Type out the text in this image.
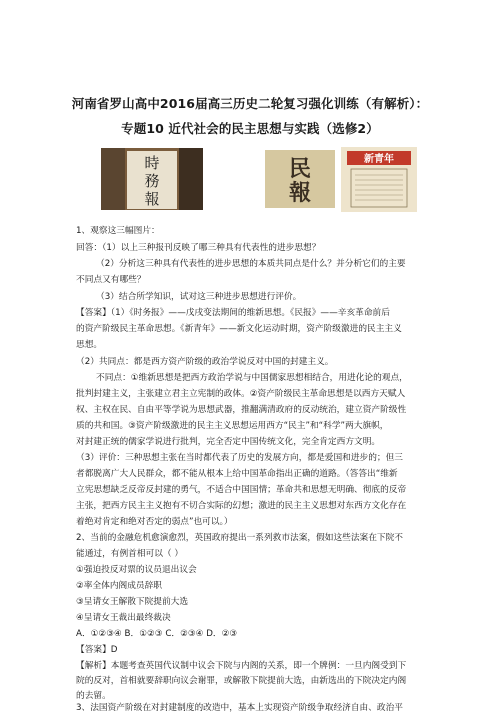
河南省罗山高中2016届高三历史二轮复习强化训练（有解析）：
专题10 近代社会的民主思想与实践（选修2）
時
務
報
民
報
新青年
1、观察这三幅图片：
回答：（1）以上三种报刊反映了哪三种具有代表性的进步思想？
（2）分析这三种具有代表性的进步思想的本质共同点是什么？并分析它们的主要
不同点又有哪些？
（3）结合所学知识，试对这三种进步思想进行评价。
【答案】（1）《时务报》——戊戌变法期间的维新思想。《民报》——辛亥革命前后
的资产阶级民主革命思想。《新青年》——新文化运动时期，资产阶级激进的民主主义
思想。
（2）共同点：都是西方资产阶级的政治学说反对中国的封建主义。
不同点：①维新思想是把西方政治学说与中国儒家思想相结合，用进化论的观点，
批判封建主义，主张建立君主立宪制的政体。②资产阶级民主革命思想是以西方天赋人
权、主权在民、自由平等学说为思想武器，推翻满清政府的反动统治，建立资产阶级性
质的共和国。③资产阶级激进的民主主义思想运用西方“民主”和“科学”两大旗帜，
对封建正统的儒家学说进行批判，完全否定中国传统文化，完全肯定西方文明。
（3）评价：三种思想主张在当时都代表了历史的发展方向，都是爱国和进步的；但三
者都脱离广大人民群众，都不能从根本上给中国革命指出正确的道路。（答答出“维新
立宪思想缺乏反帝反封建的勇气，不适合中国国情；革命共和思想无明确、彻底的反帝
主张，把西方民主主义抱有不切合实际的幻想；激进的民主主义思想对东西方文化存在
着绝对肯定和绝对否定的弱点”也可以。）
2、当前的金融危机愈演愈烈，英国政府提出一系列救市法案，假如这些法案在下院不
能通过，有例首相可以（ ）
①强迫投反对票的议员退出议会
②率全体内阁成员辞职
③呈请女王解散下院提前大选
④呈请女王裁出最终裁决
A．①②③④ B．①②③ C．②③④ D．②③
【答案】D
【解析】本题考查英国代议制中议会下院与内阁的关系，即一个牌例：一旦内阁受到下
院的反对，首相就要辞职向议会谢罪，或解散下院提前大选，由新选出的下院决定内阁
的去留。
3、法国资产阶级在对封建制度的改造中，基本上实现资产阶级争取经济自由、政治平
